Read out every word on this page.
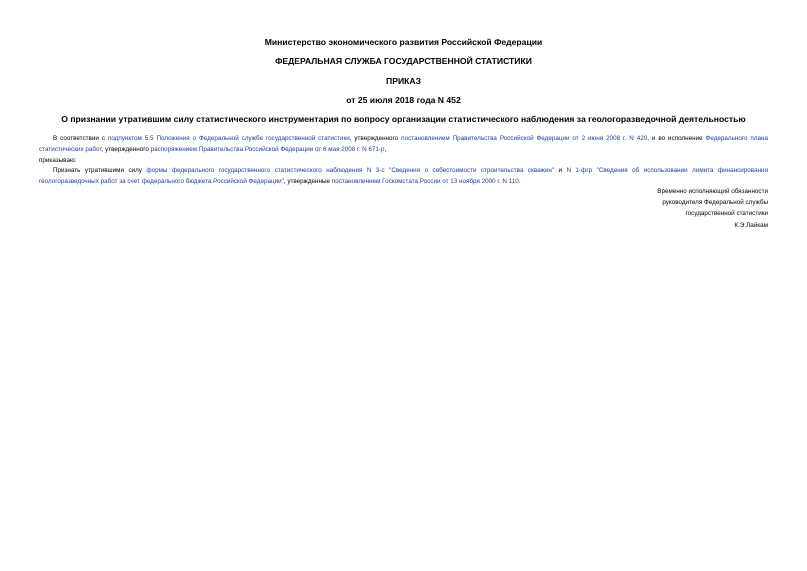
Министерство экономического развития Российской Федерации
ФЕДЕРАЛЬНАЯ СЛУЖБА ГОСУДАРСТВЕННОЙ СТАТИСТИКИ
ПРИКАЗ
от 25 июля 2018 года N 452
О признании утратившим силу статистического инструментария по вопросу организации статистического наблюдения за геологоразведочной деятельностью
В соответствии с подпунктом 5.5 Положения о Федеральной службе государственной статистики, утвержденного постановлением Правительства Российской Федерации от 2 июня 2008 г. N 420, и во исполнение Федерального плана статистических работ, утвержденного распоряжением Правительства Российской Федерации от 6 мая 2008 г. N 671-р,
приказываю:
Признать утратившими силу формы федерального государственного статистического наблюдения N 3-с "Сведения о себестоимости строительства скважин" и N 1-фгр "Сведения об использовании лимита финансирования геологоразведочных работ за счет федерального бюджета Российской Федерации", утвержденные постановлением Госкомстата России от 13 ноября 2000 г. N 110.
Временно исполняющий обязанности
руководителя Федеральной службы
государственной статистики
К.Э.Лайкам
